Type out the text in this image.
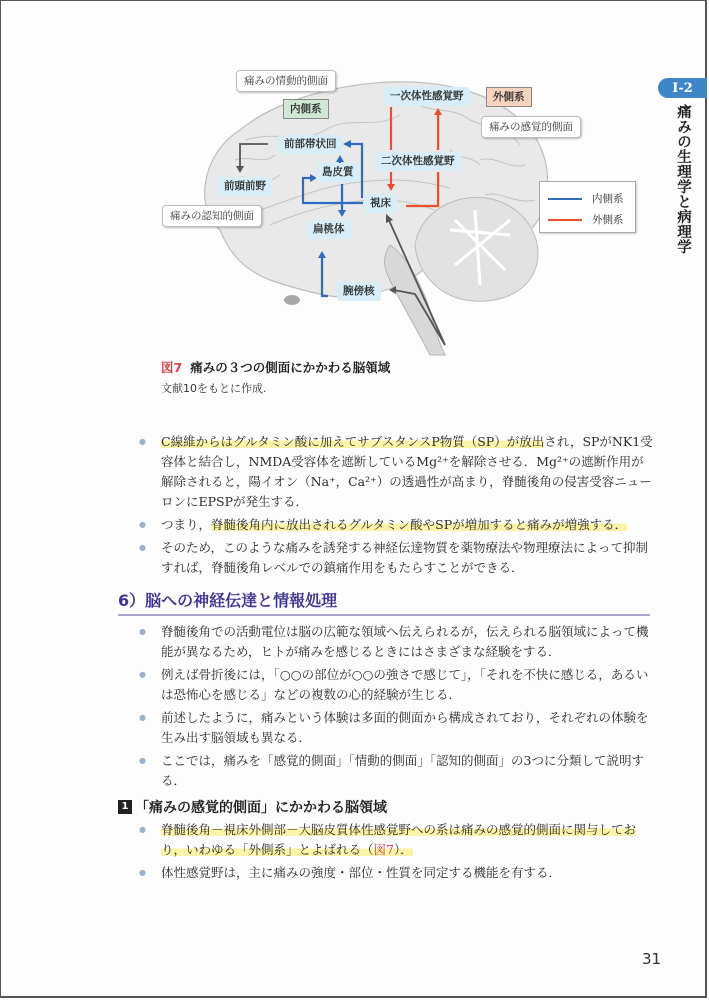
I-2
痛みの生理学と病理学
痛みの情動的側面
内側系
外側系
痛みの感覚的側面
痛みの認知的側面
一次体性感覚野
二次体性感覚野
前部帯状回
前頭前野
島皮質
視床
扁桃体
腕傍核
内側系
外側系
図7 痛みの３つの側面にかかわる脳領域
文献10をもとに作成.
● C線維からはグルタミン酸に加えてサブスタンスP物質（SP）が放出され，SPがNK1受容体と結合し，NMDA受容体を遮断しているMg²⁺を解除させる．Mg²⁺の遮断作用が解除されると，陽イオン（Na⁺，Ca²⁺）の透過性が高まり，脊髄後角の侵害受容ニューロンにEPSPが発生する．
● つまり，脊髄後角内に放出されるグルタミン酸やSPが増加すると痛みが増強する．
● そのため，このような痛みを誘発する神経伝達物質を薬物療法や物理療法によって抑制すれば，脊髄後角レベルでの鎮痛作用をもたらすことができる．
6）脳への神経伝達と情報処理
● 脊髄後角での活動電位は脳の広範な領域へ伝えられるが，伝えられる脳領域によって機能が異なるため，ヒトが痛みを感じるときにはさまざまな経験をする．
● 例えば骨折後には，「○○の部位が○○の強さで感じて」，「それを不快に感じる，あるいは恐怖心を感じる」などの複数の心的経験が生じる．
● 前述したように，痛みという体験は多面的側面から構成されており，それぞれの体験を生み出す脳領域も異なる．
● ここでは，痛みを「感覚的側面」「情動的側面」「認知的側面」の3つに分類して説明する．
1 「痛みの感覚的側面」にかかわる脳領域
● 脊髄後角－視床外側部－大脳皮質体性感覚野への系は痛みの感覚的側面に関与しており，いわゆる「外側系」とよばれる（図7）．
● 体性感覚野は，主に痛みの強度・部位・性質を同定する機能を有する．
31
